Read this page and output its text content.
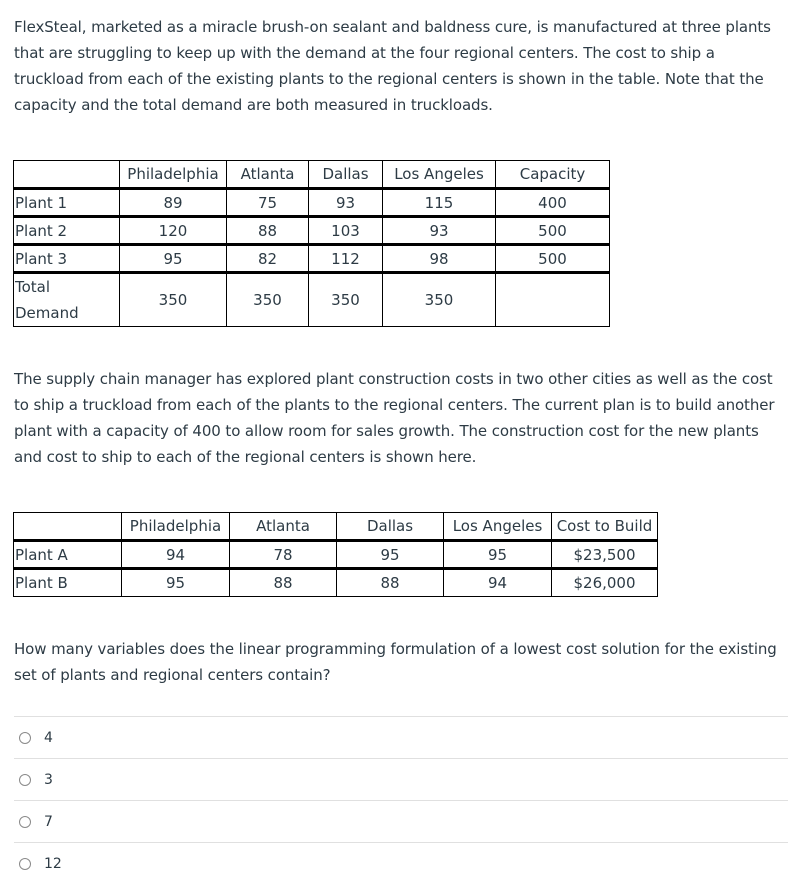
FlexSteal, marketed as a miracle brush-on sealant and baldness cure, is manufactured at three plants that are struggling to keep up with the demand at the four regional centers. The cost to ship a truckload from each of the existing plants to the regional centers is shown in the table. Note that the capacity and the total demand are both measured in truckloads.

	Philadelphia	Atlanta	Dallas	Los Angeles	Capacity
Plant 1	89	75	93	115	400
Plant 2	120	88	103	93	500
Plant 3	95	82	112	98	500
Total
Demand	350	350	350	350	

The supply chain manager has explored plant construction costs in two other cities as well as the cost to ship a truckload from each of the plants to the regional centers. The current plan is to build another plant with a capacity of 400 to allow room for sales growth. The construction cost for the new plants and cost to ship to each of the regional centers is shown here.

	Philadelphia	Atlanta	Dallas	Los Angeles	Cost to Build
Plant A	94	78	95	95	$23,500
Plant B	95	88	88	94	$26,000

How many variables does the linear programming formulation of a lowest cost solution for the existing set of plants and regional centers contain?

4
3
7
12
